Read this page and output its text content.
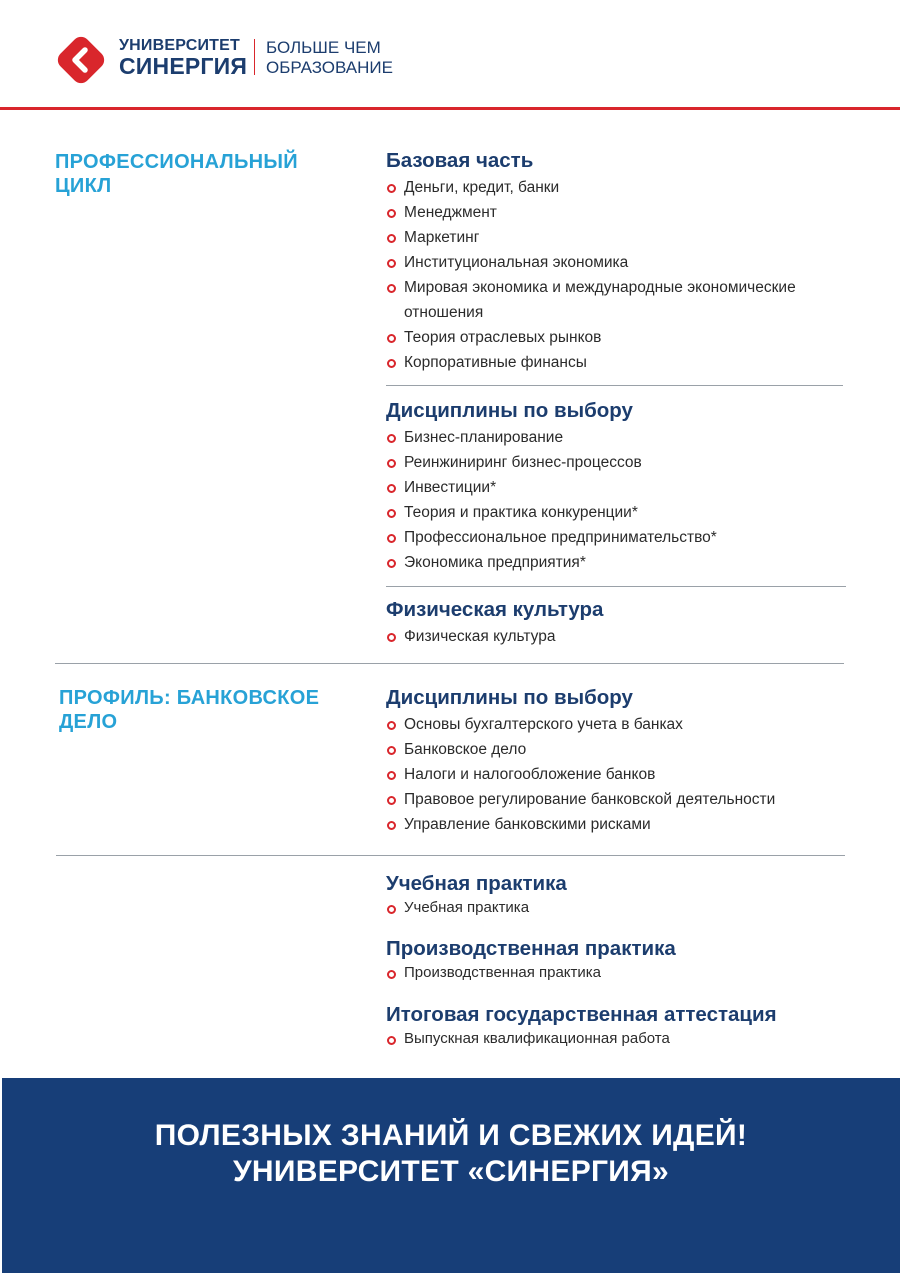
УНИВЕРСИТЕТ
СИНЕРГИЯ
БОЛЬШЕ ЧЕМ
ОБРАЗОВАНИЕ
ПРОФЕССИОНАЛЬНЫЙ
ЦИКЛ
Базовая часть
Деньги, кредит, банки
Менеджмент
Маркетинг
Институциональная экономика
Мировая экономика и международные экономические
отношения
Теория отраслевых рынков
Корпоративные финансы
Дисциплины по выбору
Бизнес-планирование
Реинжиниринг бизнес-процессов
Инвестиции*
Теория и практика конкуренции*
Профессиональное предпринимательство*
Экономика предприятия*
Физическая культура
Физическая культура
ПРОФИЛЬ: БАНКОВСКОЕ
ДЕЛО
Дисциплины по выбору
Основы бухгалтерского учета в банках
Банковское дело
Налоги и налогообложение банков
Правовое регулирование банковской деятельности
Управление банковскими рисками
Учебная практика
Учебная практика
Производственная практика
Производственная практика
Итоговая государственная аттестация
Выпускная квалификационная работа
ПОЛЕЗНЫХ ЗНАНИЙ И СВЕЖИХ ИДЕЙ!
УНИВЕРСИТЕТ «СИНЕРГИЯ»
